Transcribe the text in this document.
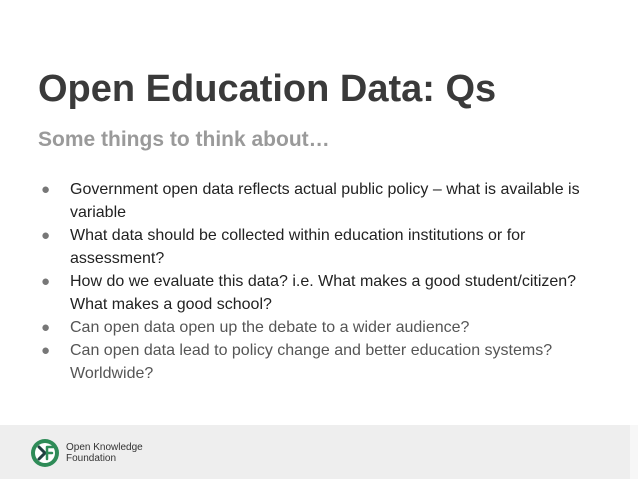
Open Education Data: Qs
Some things to think about…
● Government open data reflects actual public policy – what is available is variable
● What data should be collected within education institutions or for assessment?
● How do we evaluate this data? i.e. What makes a good student/citizen? What makes a good school?
● Can open data open up the debate to a wider audience?
● Can open data lead to policy change and better education systems? Worldwide?
Open Knowledge
Foundation
